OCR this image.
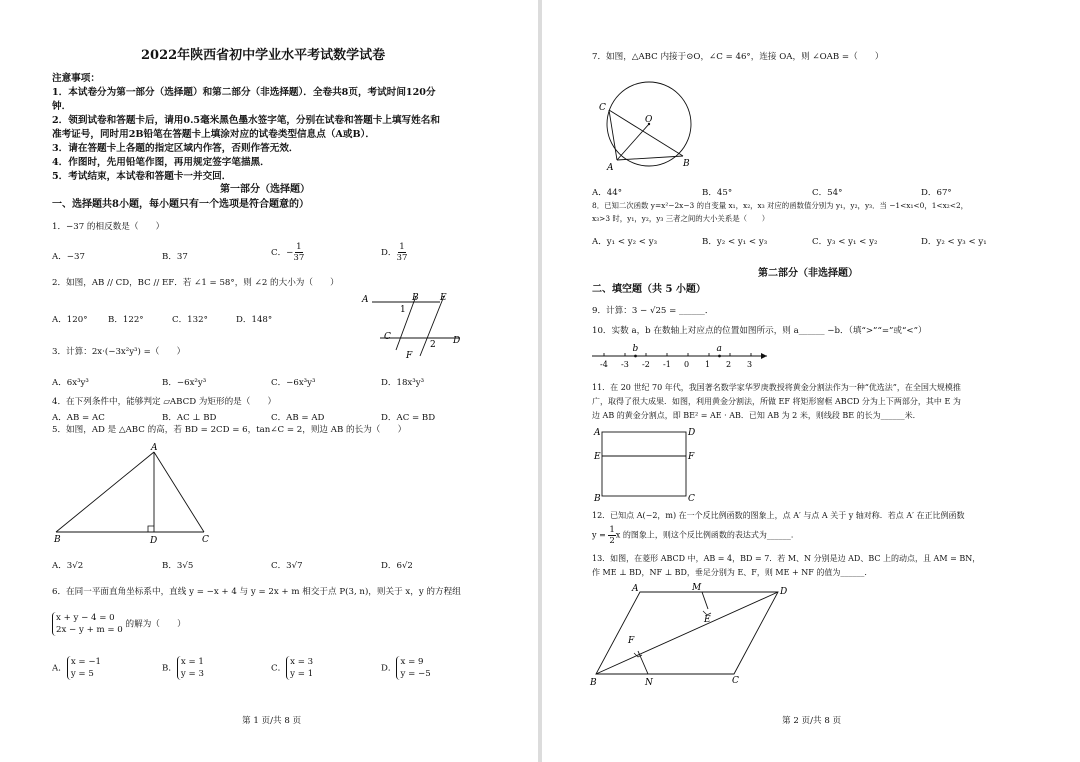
2022年陕西省初中学业水平考试数学试卷
注意事项：
1．本试卷分为第一部分（选择题）和第二部分（非选择题）．全卷共8页，考试时间120分
钟．
2．领到试卷和答题卡后，请用0.5毫米黑色墨水签字笔，分别在试卷和答题卡上填写姓名和
准考证号，同时用2B铅笔在答题卡上填涂对应的试卷类型信息点（A或B）．
3．请在答题卡上各题的指定区域内作答，否则作答无效．
4．作图时，先用铅笔作图，再用规定签字笔描黑．
5．考试结束，本试卷和答题卡一并交回．
第一部分（选择题）
一、选择题共8小题，每小题只有一个选项是符合题意的）
1．−37 的相反数是（　　）
A．−37	B．37	C．− $\frac{1}{37}$	D． $\frac{1}{37}$
2．如图，AB // CD，BC // EF．若 ∠1 = 58°，则 ∠2 的大小为（　　）
A．120° B．122°	C．132°	D．148°
A	B E
C	D
F
1
2
3．计算：2x·(−3x²y³) =（　　）
A．6x³y³	B．−6x²y³	C．−6x³y³	D．18x³y³
4．在下列条件中，能够判定 ▱ABCD 为矩形的是（　　）
A．AB = AC	B．AC ⊥ BD	C．AB = AD	D．AC = BD
5．如图，AD 是 △ABC 的高，若 BD = 2CD = 6，tan∠C = 2，则边 AB 的长为（　　）
A
B	D	C
A．3√2	B．3√5	C．3√7	D．6√2
6．在同一平面直角坐标系中，直线 y = −x + 4 与 y = 2x + m 相交于点 P(3, n)，则关于 x，y 的方程组
x + y − 4 = 0
2x − y + m = 0
的解为（　　）
A．
x = −1
y = 5
B．
x = 1
y = 3
C．
x = 3
y = 1
D．
x = 9
y = −5
第 1 页/共 8 页
7．如图，△ABC 内接于⊙O，∠C = 46°，连接 OA，则 ∠OAB =（　　）
C
O
A	B
A．44°	B．45°	C．54°	D．67°
8．已知二次函数 y=x²−2x−3 的自变量 x₁，x₂，x₃ 对应的函数值分别为 y₁，y₂，y₃．当 −1<x₁<0，1<x₂<2，
x₃>3 时，y₁，y₂，y₃ 三者之间的大小关系是（　　）
A．y₁ < y₂ < y₃	B．y₂ < y₁ < y₃	C．y₃ < y₁ < y₂	D．y₂ < y₃ < y₁
第二部分（非选择题）
二、填空题（共 5 小题）
9．计算：3 − √25 = ______．
10．实数 a，b 在数轴上对应点的位置如图所示，则 a______ −b．（填“>”“=”或“<”）
-4 -3 -2 -1 0 1 2 3
b	a
11．在 20 世纪 70 年代，我国著名数学家华罗庚教授将黄金分割法作为一种“优选法”，在全国大规模推
广，取得了很大成果．如图，利用黄金分割法，所做 EF 将矩形窗框 ABCD 分为上下两部分，其中 E 为
边 AB 的黄金分割点，即 BE² = AE · AB．已知 AB 为 2 米，则线段 BE 的长为______米．
A	D
E	F
B	C
12．已知点 A(−2，m) 在一个反比例函数的图象上，点 A′ 与点 A 关于 y 轴对称．若点 A′ 在正比例函数
$y = \frac{1}{2}$ x 的图象上，则这个反比例函数的表达式为______．
13．如图，在菱形 ABCD 中，AB = 4，BD = 7．若 M、N 分别是边 AD、BC 上的动点，且 AM = BN，
作 ME ⊥ BD，NF ⊥ BD，垂足分别为 E、F，则 ME + NF 的值为______．
A	M	D
E
F
B	N	C
第 2 页/共 8 页
